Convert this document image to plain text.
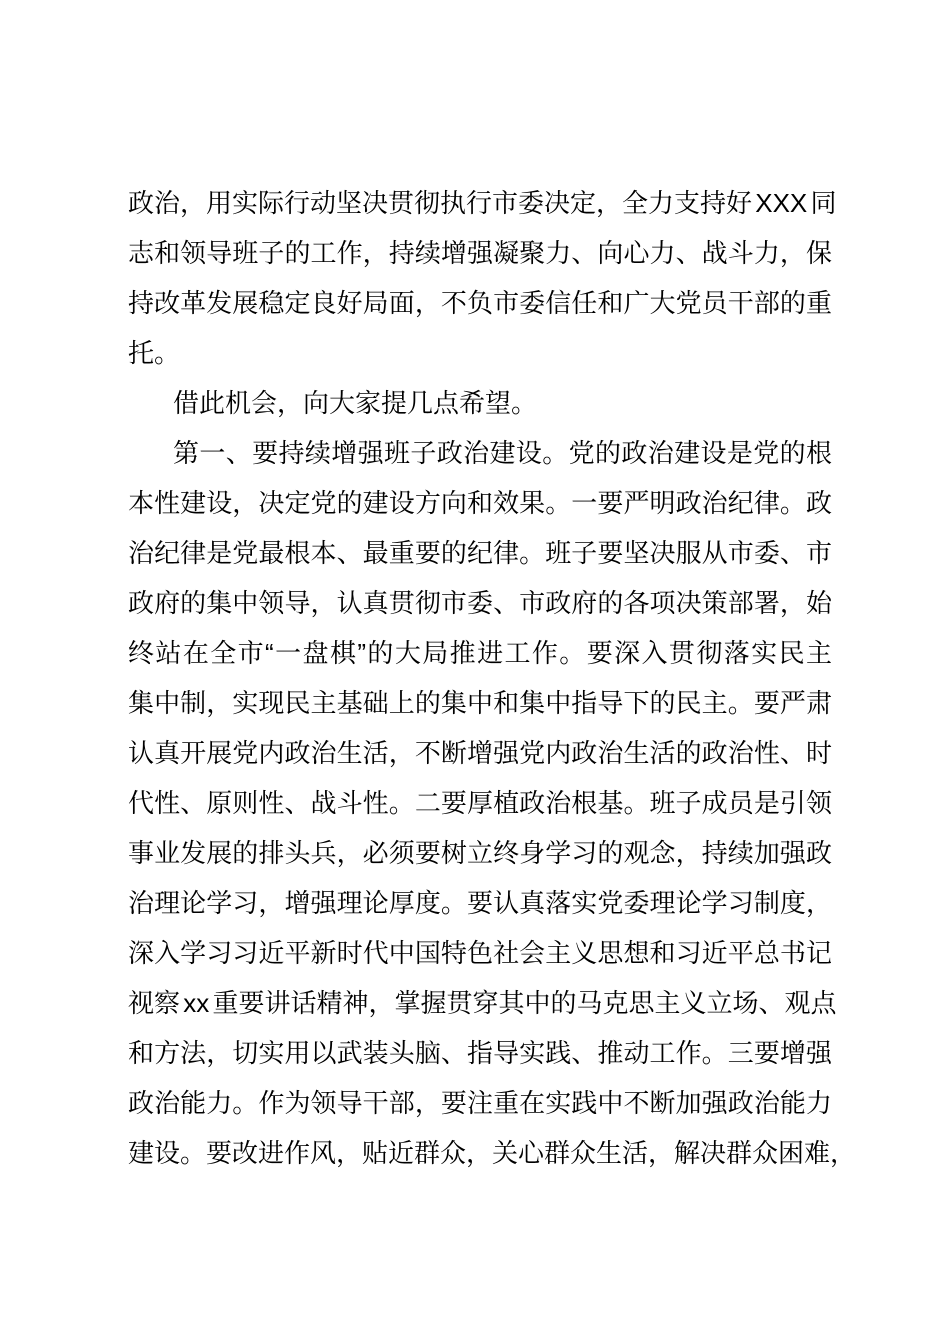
政治，用实际行动坚决贯彻执行市委决定，全力支持好 XXX 同
志和领导班子的工作，持续增强凝聚力、向心力、战斗力，保
持改革发展稳定良好局面，不负市委信任和广大党员干部的重
托。
借此机会，向大家提几点希望。
第一、要持续增强班子政治建设。党的政治建设是党的根
本性建设，决定党的建设方向和效果。一要严明政治纪律。政
治纪律是党最根本、最重要的纪律。班子要坚决服从市委、市
政府的集中领导，认真贯彻市委、市政府的各项决策部署，始
终站在全市“一盘棋”的大局推进工作。要深入贯彻落实民主
集中制，实现民主基础上的集中和集中指导下的民主。要严肃
认真开展党内政治生活，不断增强党内政治生活的政治性、时
代性、原则性、战斗性。二要厚植政治根基。班子成员是引领
事业发展的排头兵，必须要树立终身学习的观念，持续加强政
治理论学习，增强理论厚度。要认真落实党委理论学习制度，
深入学习习近平新时代中国特色社会主义思想和习近平总书记
视察 xx 重要讲话精神，掌握贯穿其中的马克思主义立场、观点
和方法，切实用以武装头脑、指导实践、推动工作。三要增强
政治能力。作为领导干部，要注重在实践中不断加强政治能力
建设。要改进作风，贴近群众，关心群众生活，解决群众困难，
